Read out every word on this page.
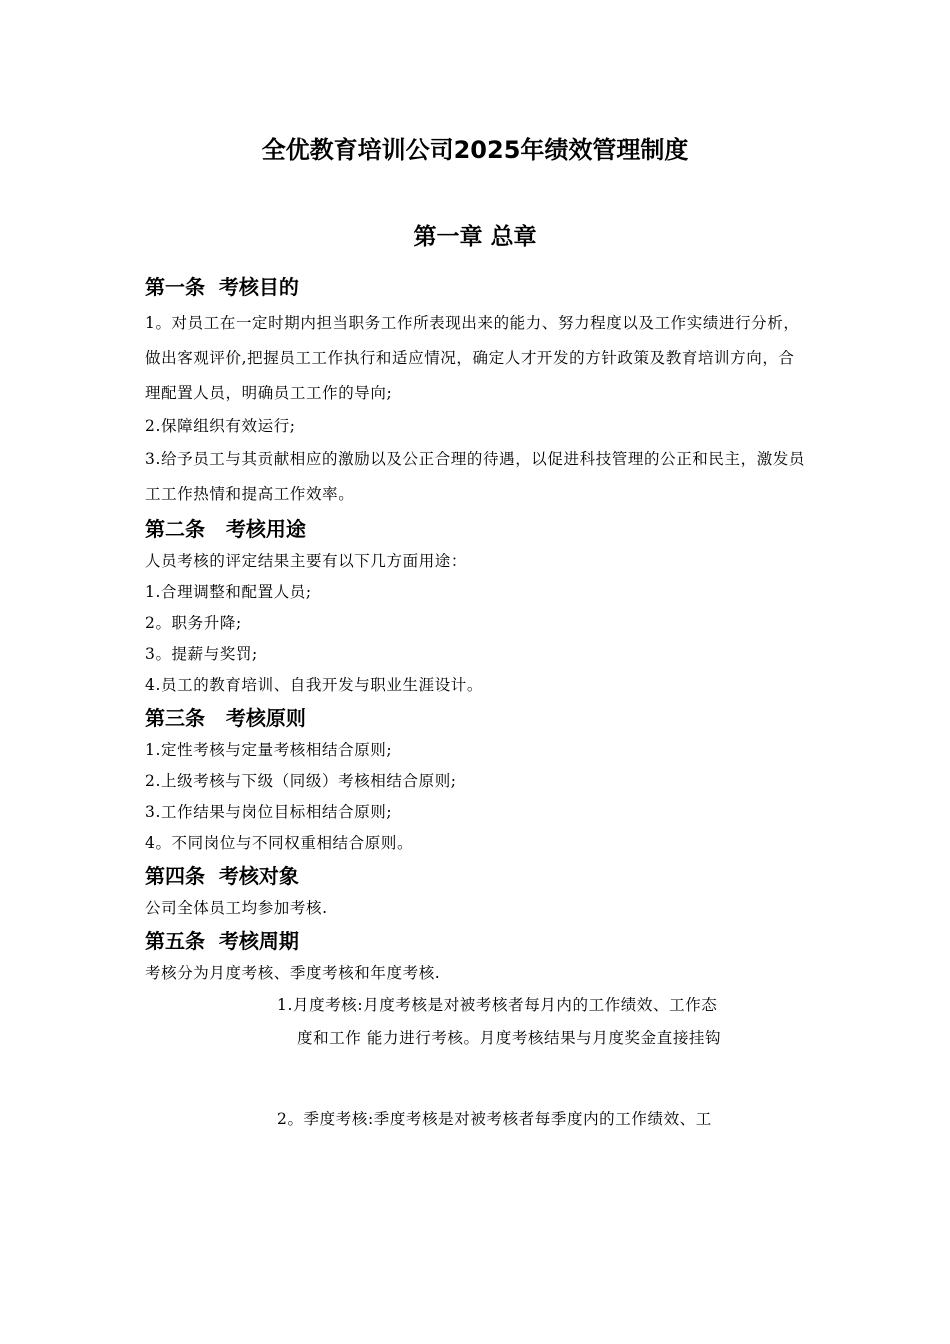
全优教育培训公司2025年绩效管理制度
第一章 总章
第一条  考核目的

1。对员工在一定时期内担当职务工作所表现出来的能力、努力程度以及工作实绩进行分析，做出客观评价,把握员工工作执行和适应情况，确定人才开发的方针政策及教育培训方向，合理配置人员，明确员工工作的导向;

2.保障组织有效运行;

3.给予员工与其贡献相应的激励以及公正合理的待遇，以促进科技管理的公正和民主，激发员工工作热情和提高工作效率。

第二条   考核用途

人员考核的评定结果主要有以下几方面用途：

1.合理调整和配置人员;

2。职务升降;

3。提薪与奖罚;

4.员工的教育培训、自我开发与职业生涯设计。

第三条   考核原则

1.定性考核与定量考核相结合原则;

2.上级考核与下级（同级）考核相结合原则;

3.工作结果与岗位目标相结合原则;

4。不同岗位与不同权重相结合原则。

第四条  考核对象

公司全体员工均参加考核.

第五条  考核周期

考核分为月度考核、季度考核和年度考核.

1.月度考核:月度考核是对被考核者每月内的工作绩效、工作态

度和工作 能力进行考核。月度考核结果与月度奖金直接挂钩

2。季度考核:季度考核是对被考核者每季度内的工作绩效、工
